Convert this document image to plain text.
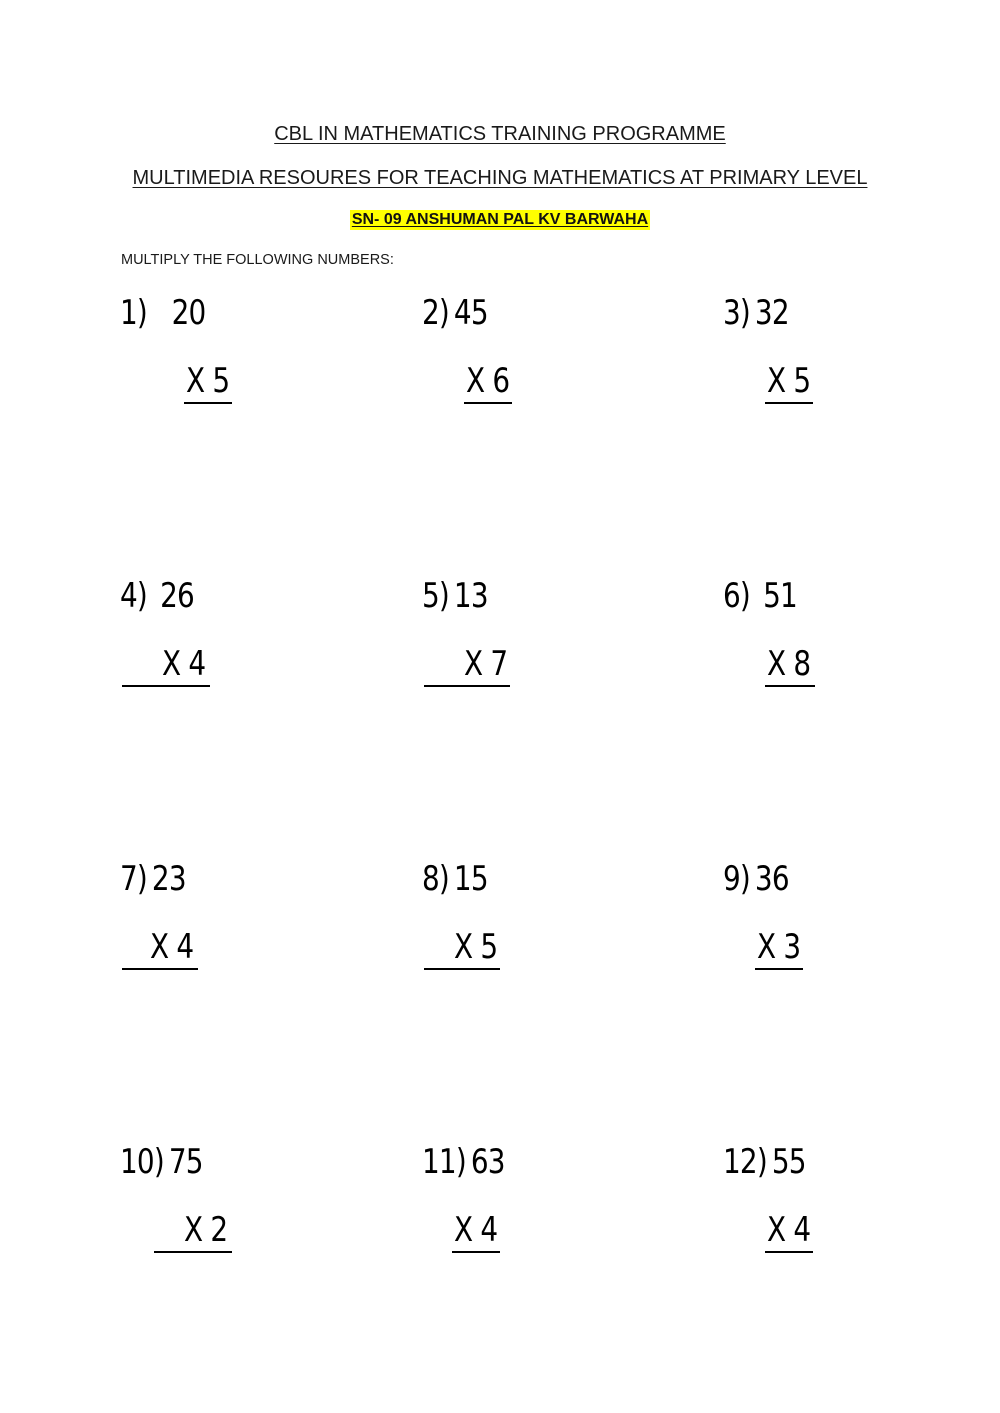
CBL IN MATHEMATICS TRAINING PROGRAMME
MULTIMEDIA RESOURES FOR TEACHING MATHEMATICS AT PRIMARY LEVEL
SN- 09 ANSHUMAN PAL KV BARWAHA
MULTIPLY THE FOLLOWING NUMBERS:
1) 20
X 5
2) 45
X 6
3) 32
X 5
4) 26
X 4
5) 13
X 7
6) 51
X 8
7) 23
X 4
8) 15
X 5
9) 36
X 3
10) 75
X 2
11) 63
X 4
12) 55
X 4
